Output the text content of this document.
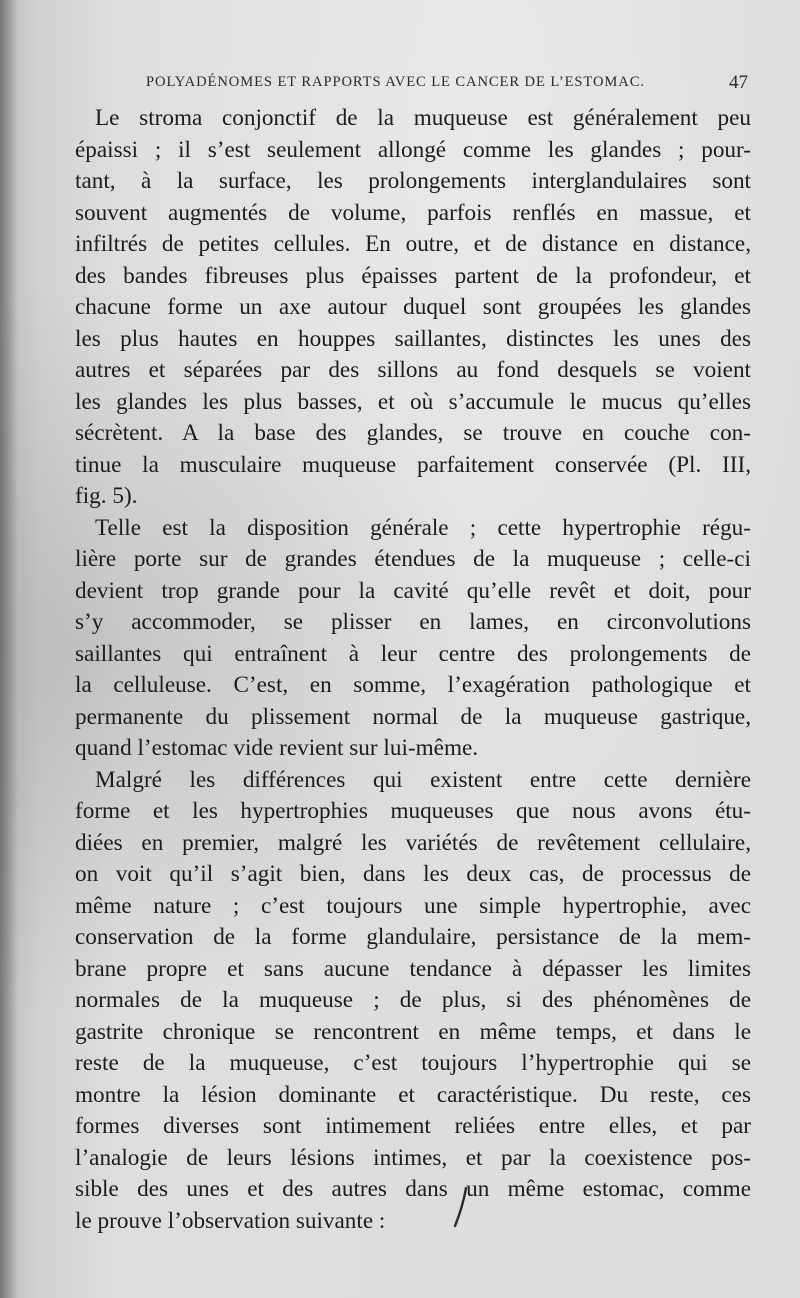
POLYADÉNOMES ET RAPPORTS AVEC LE CANCER DE L’ESTOMAC.	47
Le stroma conjonctif de la muqueuse est généralement peu
épaissi ; il s’est seulement allongé comme les glandes ; pour-
tant, à la surface, les prolongements interglandulaires sont
souvent augmentés de volume, parfois renflés en massue, et
infiltrés de petites cellules. En outre, et de distance en distance,
des bandes fibreuses plus épaisses partent de la profondeur, et
chacune forme un axe autour duquel sont groupées les glandes
les plus hautes en houppes saillantes, distinctes les unes des
autres et séparées par des sillons au fond desquels se voient
les glandes les plus basses, et où s’accumule le mucus qu’elles
sécrètent. A la base des glandes, se trouve en couche con-
tinue la musculaire muqueuse parfaitement conservée (Pl. III,
fig. 5).
Telle est la disposition générale ; cette hypertrophie régu-
lière porte sur de grandes étendues de la muqueuse ; celle-ci
devient trop grande pour la cavité qu’elle revêt et doit, pour
s’y accommoder, se plisser en lames, en circonvolutions
saillantes qui entraînent à leur centre des prolongements de
la celluleuse. C’est, en somme, l’exagération pathologique et
permanente du plissement normal de la muqueuse gastrique,
quand l’estomac vide revient sur lui-même.
Malgré les différences qui existent entre cette dernière
forme et les hypertrophies muqueuses que nous avons étu-
diées en premier, malgré les variétés de revêtement cellulaire,
on voit qu’il s’agit bien, dans les deux cas, de processus de
même nature ; c’est toujours une simple hypertrophie, avec
conservation de la forme glandulaire, persistance de la mem-
brane propre et sans aucune tendance à dépasser les limites
normales de la muqueuse ; de plus, si des phénomènes de
gastrite chronique se rencontrent en même temps, et dans le
reste de la muqueuse, c’est toujours l’hypertrophie qui se
montre la lésion dominante et caractéristique. Du reste, ces
formes diverses sont intimement reliées entre elles, et par
l’analogie de leurs lésions intimes, et par la coexistence pos-
sible des unes et des autres dans un même estomac, comme
le prouve l’observation suivante :
